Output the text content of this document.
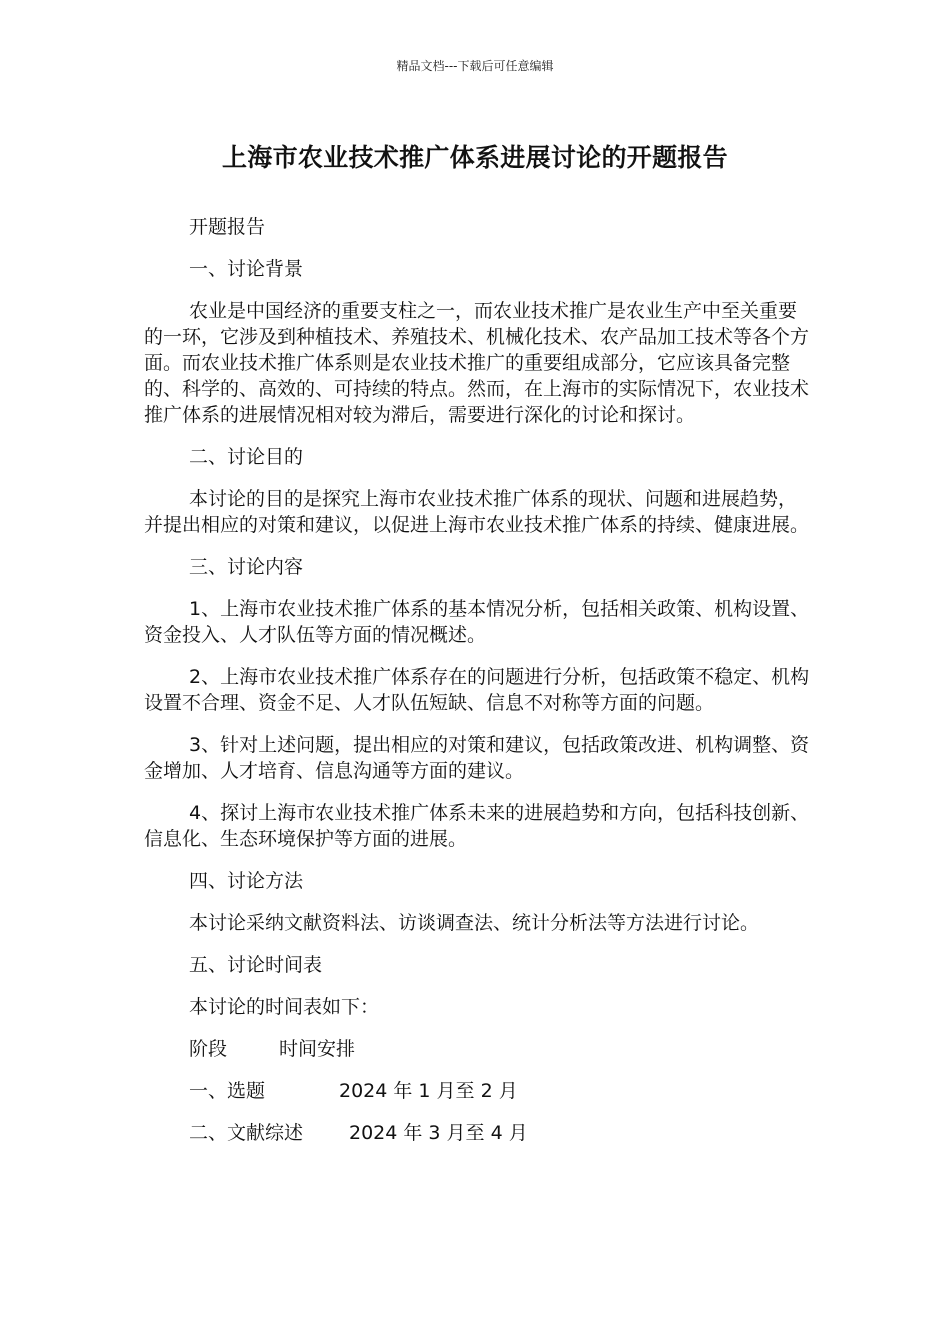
精品文档---下载后可任意编辑
上海市农业技术推广体系进展讨论的开题报告

开题报告

一、讨论背景

农业是中国经济的重要支柱之一，而农业技术推广是农业生产中至关重要的一环，它涉及到种植技术、养殖技术、机械化技术、农产品加工技术等各个方面。而农业技术推广体系则是农业技术推广的重要组成部分，它应该具备完整的、科学的、高效的、可持续的特点。然而，在上海市的实际情况下，农业技术推广体系的进展情况相对较为滞后，需要进行深化的讨论和探讨。

二、讨论目的

本讨论的目的是探究上海市农业技术推广体系的现状、问题和进展趋势，并提出相应的对策和建议，以促进上海市农业技术推广体系的持续、健康进展。

三、讨论内容

1、上海市农业技术推广体系的基本情况分析，包括相关政策、机构设置、资金投入、人才队伍等方面的情况概述。

2、上海市农业技术推广体系存在的问题进行分析，包括政策不稳定、机构设置不合理、资金不足、人才队伍短缺、信息不对称等方面的问题。

3、针对上述问题，提出相应的对策和建议，包括政策改进、机构调整、资金增加、人才培育、信息沟通等方面的建议。

4、探讨上海市农业技术推广体系未来的进展趋势和方向，包括科技创新、信息化、生态环境保护等方面的进展。

四、讨论方法

本讨论采纳文献资料法、访谈调查法、统计分析法等方法进行讨论。

五、讨论时间表

本讨论的时间表如下：

阶段	时间安排
一、选题	2024 年 1 月至 2 月
二、文献综述 2024 年 3 月至 4 月
